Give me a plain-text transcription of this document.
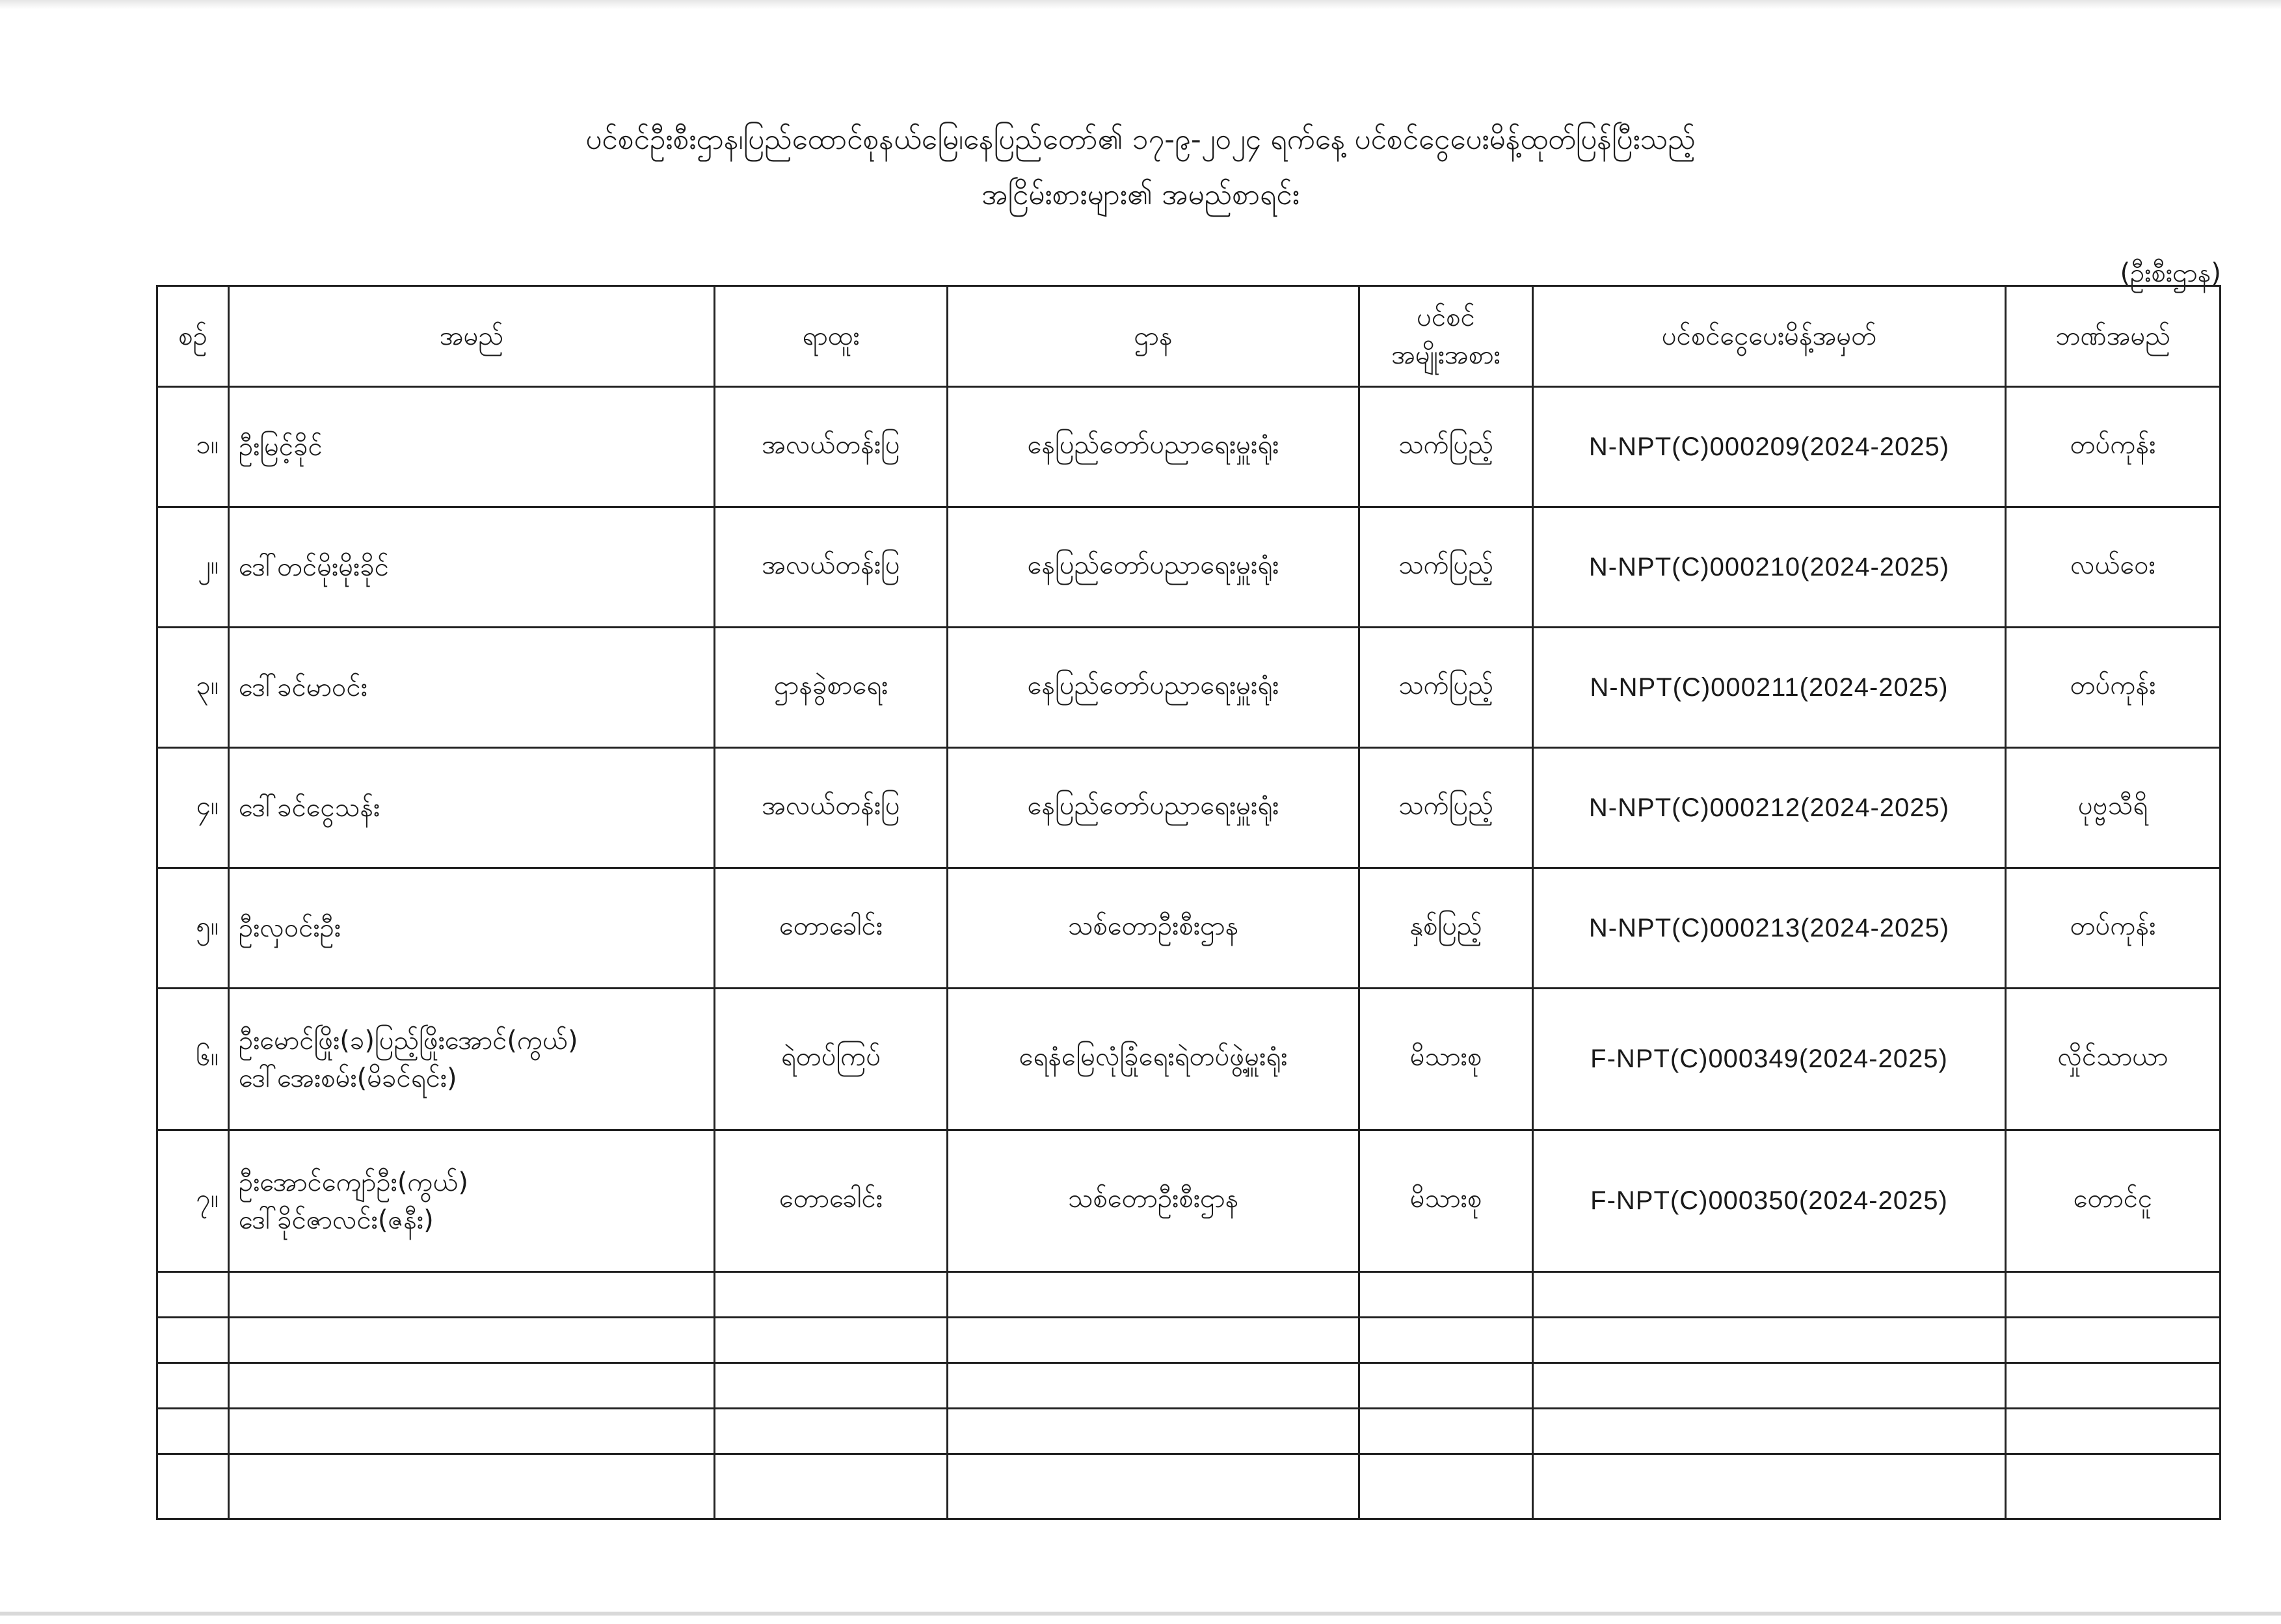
ပင်စင်ဦးစီးဌာန၊ပြည်ထောင်စုနယ်မြေ၊နေပြည်တော်၏ ၁၇-၉-၂၀၂၄ ရက်နေ့ ပင်စင်ငွေပေးမိန့်ထုတ်ပြန်ပြီးသည့်
အငြိမ်းစားများ၏ အမည်စာရင်း
(ဦးစီးဌာန)
စဉ်	အမည်	ရာထူး	ဌာန	ပင်စင်
အမျိုးအစား	ပင်စင်ငွေပေးမိန့်အမှတ်	ဘဏ်အမည်
၁။	ဦးမြင့်ခိုင်	အလယ်တန်းပြ	နေပြည်တော်ပညာရေးမှူးရုံး	သက်ပြည့်	N-NPT(C)000209(2024-2025)	တပ်ကုန်း
၂။	ဒေါ်တင်မိုးမိုးခိုင်	အလယ်တန်းပြ	နေပြည်တော်ပညာရေးမှူးရုံး	သက်ပြည့်	N-NPT(C)000210(2024-2025)	လယ်ဝေး
၃။	ဒေါ်ခင်မာဝင်း	ဌာနခွဲစာရေး	နေပြည်တော်ပညာရေးမှူးရုံး	သက်ပြည့်	N-NPT(C)000211(2024-2025)	တပ်ကုန်း
၄။	ဒေါ်ခင်ငွေသန်း	အလယ်တန်းပြ	နေပြည်တော်ပညာရေးမှူးရုံး	သက်ပြည့်	N-NPT(C)000212(2024-2025)	ပုဗ္ဗသီရိ
၅။	ဦးလှဝင်းဦး	တောခေါင်း	သစ်တောဦးစီးဌာန	နှစ်ပြည့်	N-NPT(C)000213(2024-2025)	တပ်ကုန်း
၆။	ဦးမောင်ဖြိုး(ခ)ပြည့်ဖြိုးအောင်(ကွယ်)
ဒေါ်အေးစမ်း(မိခင်ရင်း)	ရဲတပ်ကြပ်	ရေနံမြေလုံခြုံရေးရဲတပ်ဖွဲ့မှူးရုံး	မိသားစု	F-NPT(C)000349(2024-2025)	လှိုင်သာယာ
၇။	ဦးအောင်ကျော်ဦး(ကွယ်)
ဒေါ်ခိုင်ဇာလင်း(ဇနီး)	တောခေါင်း	သစ်တောဦးစီးဌာန	မိသားစု	F-NPT(C)000350(2024-2025)	တောင်ငူ
